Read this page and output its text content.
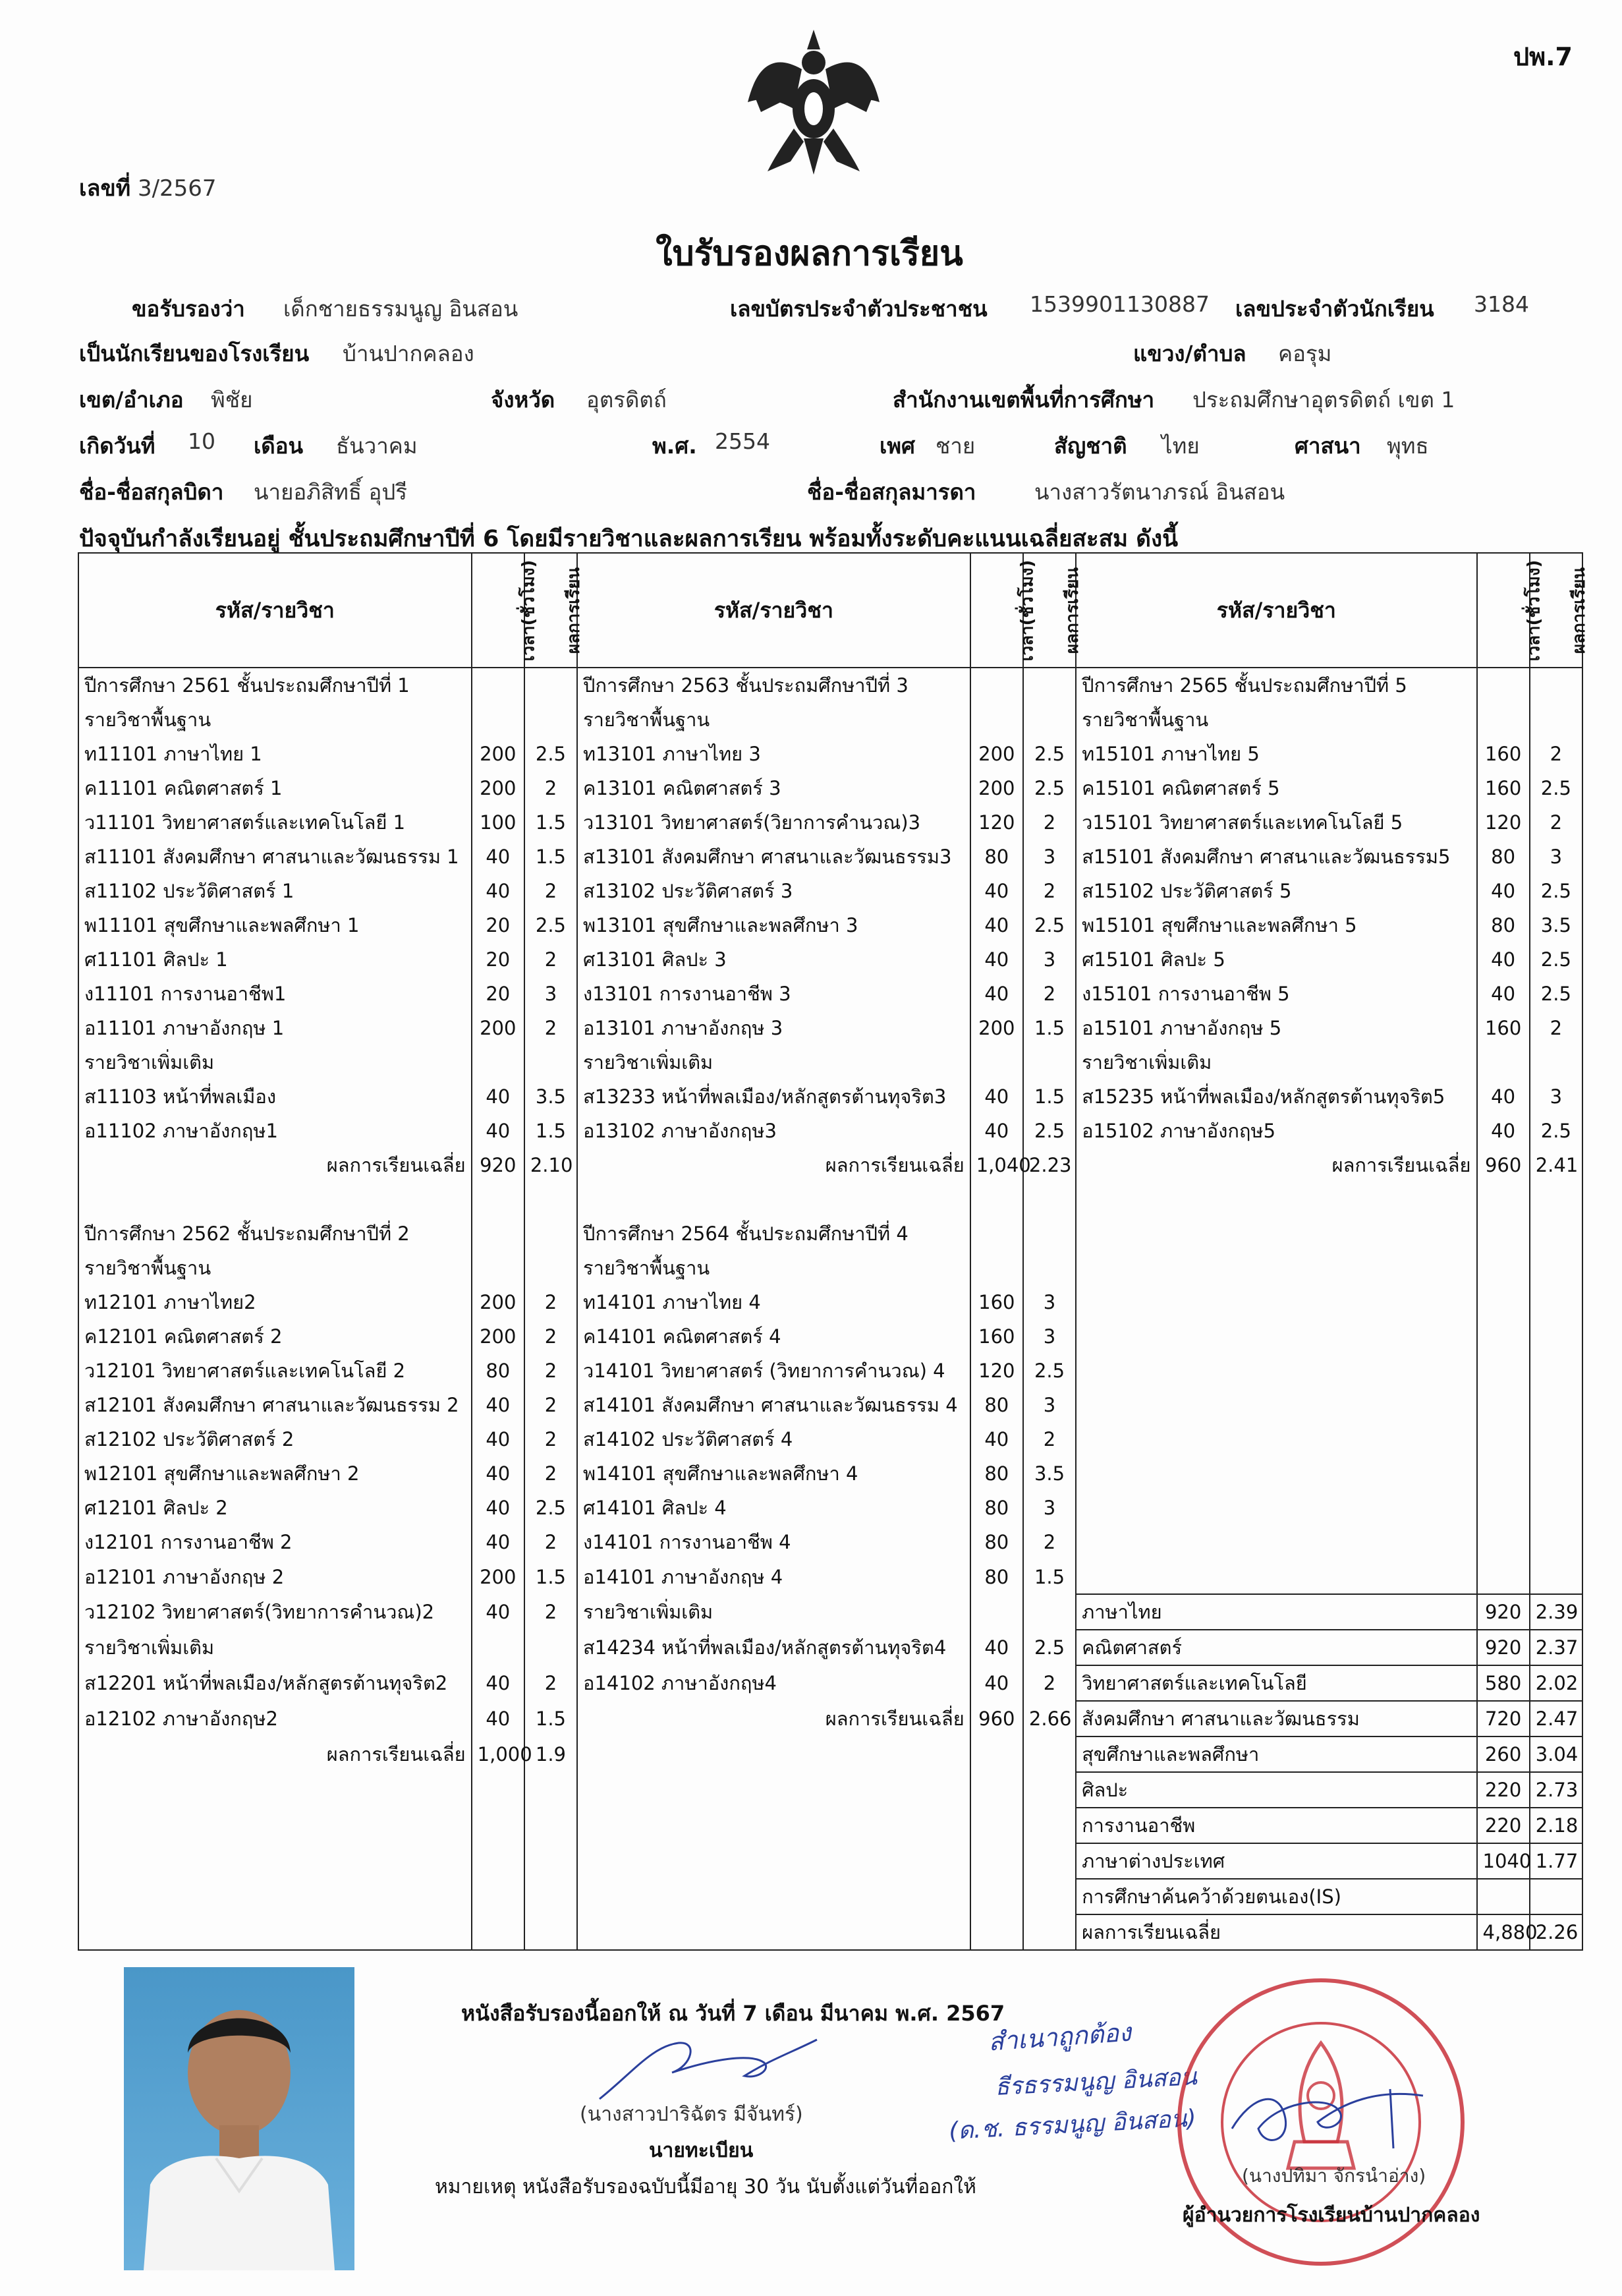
ปพ.7
เลขที่ 3/2567
ใบรับรองผลการเรียน
ขอรับรองว่า เด็กชายธรรมนูญ อินสอน	เลขบัตรประจำตัวประชาชน 1539901130887 เลขประจำตัวนักเรียน 3184
เป็นนักเรียนของโรงเรียน บ้านปากคลอง	แขวง/ตำบล คอรุม
เขต/อำเภอ พิชัย	จังหวัด อุตรดิตถ์	สำนักงานเขตพื้นที่การศึกษา ประถมศึกษาอุตรดิตถ์ เขต 1
เกิดวันที่ 10 เดือน ธันวาคม	พ.ศ. 2554	เพศ ชาย	สัญชาติ ไทย	ศาสนา พุทธ
ชื่อ-ชื่อสกุลบิดา นายอภิสิทธิ์ อุปรี	ชื่อ-ชื่อสกุลมารดา	นางสาวรัตนาภรณ์ อินสอน
ปัจจุบันกำลังเรียนอยู่ ชั้นประถมศึกษาปีที่ 6 โดยมีรายวิชาและผลการเรียน พร้อมทั้งระดับคะแนนเฉลี่ยสะสม ดังนี้
รหัส/รายวิชา	เวลา(ชั่วโมง)	ผลการเรียน	รหัส/รายวิชา	เวลา(ชั่วโมง)	ผลการเรียน	รหัส/รายวิชา	เวลา(ชั่วโมง)	ผลการเรียน
ปีการศึกษา 2561 ชั้นประถมศึกษาปีที่ 1			ปีการศึกษา 2563 ชั้นประถมศึกษาปีที่ 3			ปีการศึกษา 2565 ชั้นประถมศึกษาปีที่ 5		
รายวิชาพื้นฐาน			รายวิชาพื้นฐาน			รายวิชาพื้นฐาน		
ท11101 ภาษาไทย 1	200	2.5	ท13101 ภาษาไทย 3	200	2.5	ท15101 ภาษาไทย 5	160	2
ค11101 คณิตศาสตร์ 1	200	2	ค13101 คณิตศาสตร์ 3	200	2.5	ค15101 คณิตศาสตร์ 5	160	2.5
ว11101 วิทยาศาสตร์และเทคโนโลยี 1	100	1.5	ว13101 วิทยาศาสตร์(วิยาการคำนวณ)3	120	2	ว15101 วิทยาศาสตร์และเทคโนโลยี 5	120	2
ส11101 สังคมศึกษา ศาสนาและวัฒนธรรม 1	40	1.5	ส13101 สังคมศึกษา ศาสนาและวัฒนธรรม3	80	3	ส15101 สังคมศึกษา ศาสนาและวัฒนธรรม5	80	3
ส11102 ประวัติศาสตร์ 1	40	2	ส13102 ประวัติศาสตร์ 3	40	2	ส15102 ประวัติศาสตร์ 5	40	2.5
พ11101 สุขศึกษาและพลศึกษา 1	20	2.5	พ13101 สุขศึกษาและพลศึกษา 3	40	2.5	พ15101 สุขศึกษาและพลศึกษา 5	80	3.5
ศ11101 ศิลปะ 1	20	2	ศ13101 ศิลปะ 3	40	3	ศ15101 ศิลปะ 5	40	2.5
ง11101 การงานอาชีพ1	20	3	ง13101 การงานอาชีพ 3	40	2	ง15101 การงานอาชีพ 5	40	2.5
อ11101 ภาษาอังกฤษ 1	200	2	อ13101 ภาษาอังกฤษ 3	200	1.5	อ15101 ภาษาอังกฤษ 5	160	2
รายวิชาเพิ่มเติม			รายวิชาเพิ่มเติม			รายวิชาเพิ่มเติม		
ส11103 หน้าที่พลเมือง	40	3.5	ส13233 หน้าที่พลเมือง/หลักสูตรต้านทุจริต3	40	1.5	ส15235 หน้าที่พลเมือง/หลักสูตรต้านทุจริต5	40	3
อ11102 ภาษาอังกฤษ1	40	1.5	อ13102 ภาษาอังกฤษ3	40	2.5	อ15102 ภาษาอังกฤษ5	40	2.5
ผลการเรียนเฉลี่ย	920	2.10	ผลการเรียนเฉลี่ย	1,040	2.23	ผลการเรียนเฉลี่ย	960	2.41

ปีการศึกษา 2562 ชั้นประถมศึกษาปีที่ 2			ปีการศึกษา 2564 ชั้นประถมศึกษาปีที่ 4					
รายวิชาพื้นฐาน			รายวิชาพื้นฐาน					
ท12101 ภาษาไทย2	200	2	ท14101 ภาษาไทย 4	160	3			
ค12101 คณิตศาสตร์ 2	200	2	ค14101 คณิตศาสตร์ 4	160	3			
ว12101 วิทยาศาสตร์และเทคโนโลยี 2	80	2	ว14101 วิทยาศาสตร์ (วิทยาการคำนวณ) 4	120	2.5			
ส12101 สังคมศึกษา ศาสนาและวัฒนธรรม 2	40	2	ส14101 สังคมศึกษา ศาสนาและวัฒนธรรม 4	80	3			
ส12102 ประวัติศาสตร์ 2	40	2	ส14102 ประวัติศาสตร์ 4	40	2			
พ12101 สุขศึกษาและพลศึกษา 2	40	2	พ14101 สุขศึกษาและพลศึกษา 4	80	3.5			
ศ12101 ศิลปะ 2	40	2.5	ศ14101 ศิลปะ 4	80	3			
ง12101 การงานอาชีพ 2	40	2	ง14101 การงานอาชีพ 4	80	2			
อ12101 ภาษาอังกฤษ 2	200	1.5	อ14101 ภาษาอังกฤษ 4	80	1.5			
ว12102 วิทยาศาสตร์(วิทยาการคำนวณ)2	40	2	รายวิชาเพิ่มเติม			ภาษาไทย	920	2.39
รายวิชาเพิ่มเติม			ส14234 หน้าที่พลเมือง/หลักสูตรต้านทุจริต4	40	2.5	คณิตศาสตร์	920	2.37
ส12201 หน้าที่พลเมือง/หลักสูตรต้านทุจริต2	40	2	อ14102 ภาษาอังกฤษ4	40	2	วิทยาศาสตร์และเทคโนโลยี	580	2.02
อ12102 ภาษาอังกฤษ2	40	1.5	ผลการเรียนเฉลี่ย	960	2.66	สังคมศึกษา ศาสนาและวัฒนธรรม	720	2.47
ผลการเรียนเฉลี่ย	1,000	1.9				สุขศึกษาและพลศึกษา	260	3.04
						ศิลปะ	220	2.73
						การงานอาชีพ	220	2.18
						ภาษาต่างประเทศ	1040	1.77
						การศึกษาค้นคว้าด้วยตนเอง(IS)		
						ผลการเรียนเฉลี่ย	4,880	2.26
หนังสือรับรองนี้ออกให้ ณ วันที่ 7 เดือน มีนาคม พ.ศ. 2567
(นางสาวปาริฉัตร มีจันทร์)
นายทะเบียน
หมายเหตุ หนังสือรับรองฉบับนี้มีอายุ 30 วัน นับตั้งแต่วันที่ออกให้
สำเนาถูกต้อง
ธีรธรรมนูญ อินสอน
(ด.ช. ธรรมนูญ อินสอน)
(นางปทิมา จักรนำอ่าง)
ผู้อำนวยการโรงเรียนบ้านปากคลอง
